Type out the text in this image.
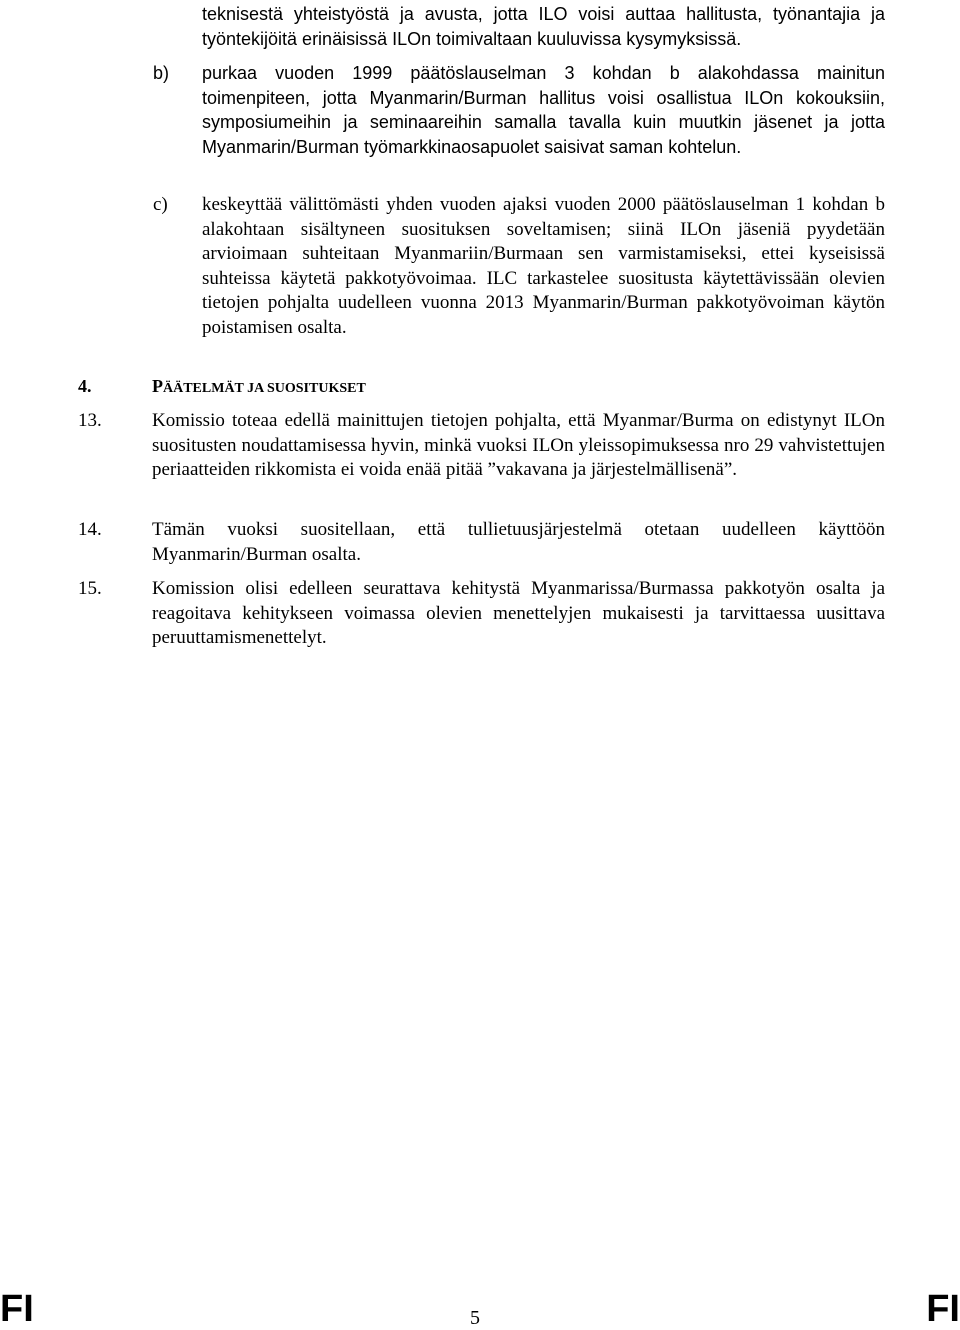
teknisestä yhteistyöstä ja avusta, jotta ILO voisi auttaa hallitusta, työnantajia ja työntekijöitä erinäisissä ILOn toimivaltaan kuuluvissa kysymyksissä.
b) purkaa vuoden 1999 päätöslauselman 3 kohdan b alakohdassa mainitun toimenpiteen, jotta Myanmarin/Burman hallitus voisi osallistua ILOn kokouksiin, symposiumeihin ja seminaareihin samalla tavalla kuin muutkin jäsenet ja jotta Myanmarin/Burman työmarkkinaosapuolet saisivat saman kohtelun.
c) keskeyttää välittömästi yhden vuoden ajaksi vuoden 2000 päätöslauselman 1 kohdan b alakohtaan sisältyneen suosituksen soveltamisen; siinä ILOn jäseniä pyydetään arvioimaan suhteitaan Myanmariin/Burmaan sen varmistamiseksi, ettei kyseisissä suhteissa käytetä pakkotyövoimaa. ILC tarkastelee suositusta käytettävissään olevien tietojen pohjalta uudelleen vuonna 2013 Myanmarin/Burman pakkotyövoiman käytön poistamisen osalta.
4.	PÄÄTELMÄT JA SUOSITUKSET
13.	Komissio toteaa edellä mainittujen tietojen pohjalta, että Myanmar/Burma on edistynyt ILOn suositusten noudattamisessa hyvin, minkä vuoksi ILOn yleissopimuksessa nro 29 vahvistettujen periaatteiden rikkomista ei voida enää pitää ”vakavana ja järjestelmällisenä”.
14.	Tämän vuoksi suositellaan, että tullietuusjärjestelmä otetaan uudelleen käyttöön Myanmarin/Burman osalta.
15.	Komission olisi edelleen seurattava kehitystä Myanmarissa/Burmassa pakkotyön osalta ja reagoitava kehitykseen voimassa olevien menettelyjen mukaisesti ja tarvittaessa uusittava peruuttamismenettelyt.
FI	5	FI
